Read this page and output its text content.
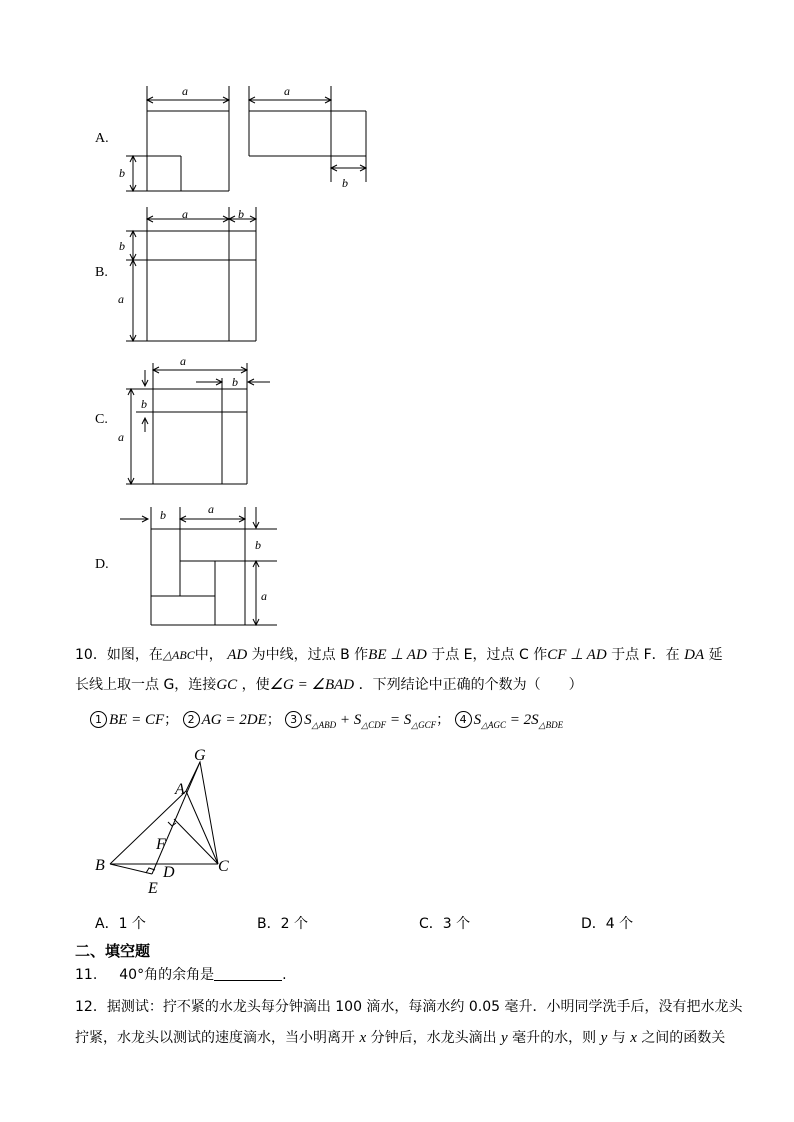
A.
a	a
b
b
B.
a	b
b
a
C.
a
b
b
a
D.
b	a
b
a
10．如图，在△ABC中， AD 为中线，过点 B 作BE ⊥ AD 于点 E，过点 C 作CF ⊥ AD 于点 F．在 DA 延
长线上取一点 G，连接GC ，使∠G = ∠BAD ．下列结论中正确的个数为（　　）
1 BE = CF； 2 AG = 2DE； 3 $S_{\triangle ABD} + S_{\triangle CDF} = S_{\triangle GCF}$； 4 $S_{\triangle AGC} = 2S_{\triangle BDE}$
G
A
F
B	C
D
E
A．1 个	B．2 个	C．3 个	D．4 个
二、填空题
11. 40°角的余角是	.
12．据测试：拧不紧的水龙头每分钟滴出 100 滴水，每滴水约 0.05 毫升．小明同学洗手后，没有把水龙头
拧紧，水龙头以测试的速度滴水，当小明离开 x 分钟后，水龙头滴出 y 毫升的水，则 y 与 x 之间的函数关
